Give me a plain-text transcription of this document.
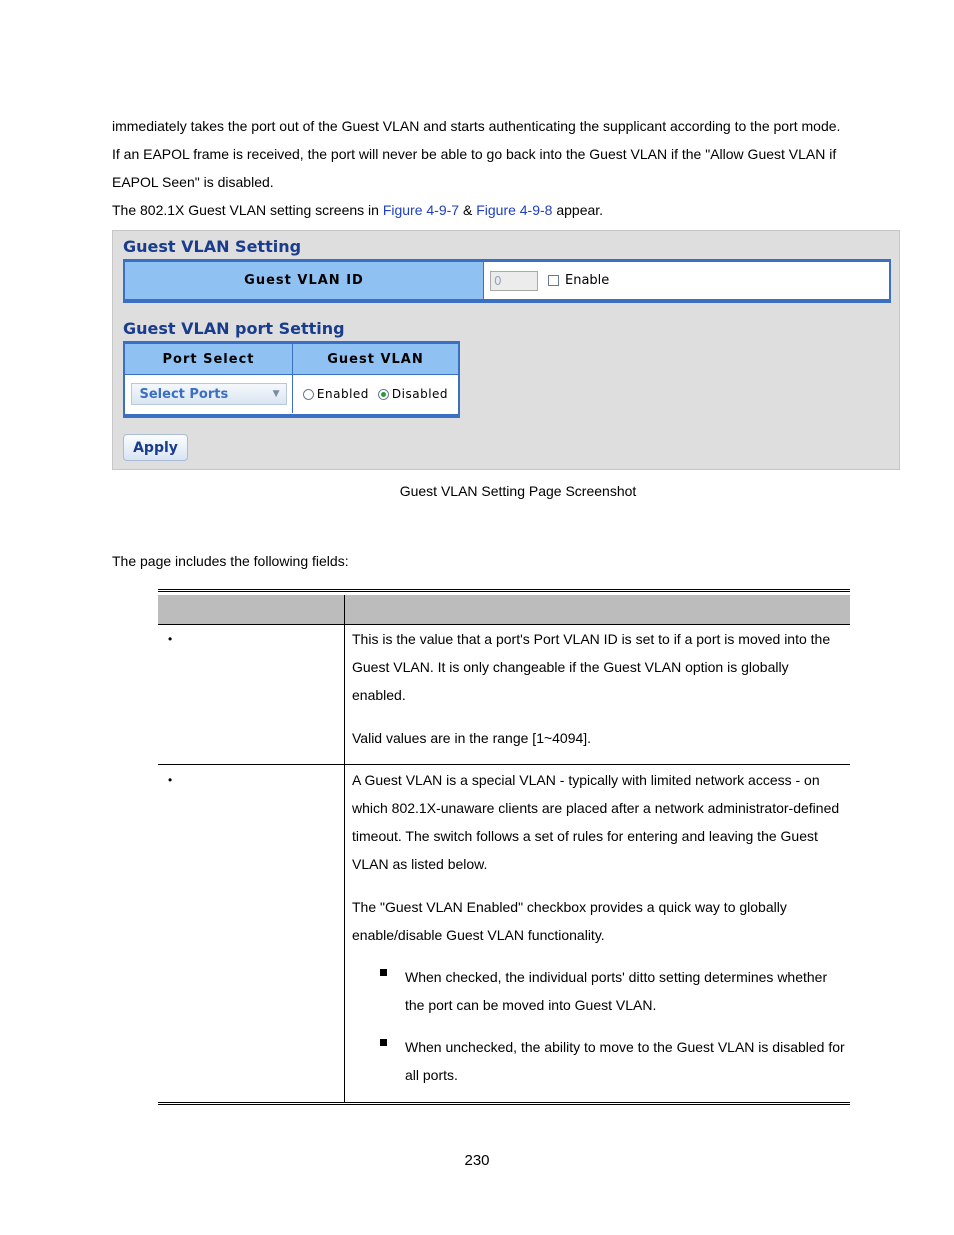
immediately takes the port out of the Guest VLAN and starts authenticating the supplicant according to the port mode.

If an EAPOL frame is received, the port will never be able to go back into the Guest VLAN if the "Allow Guest VLAN if EAPOL Seen" is disabled.

The 802.1X Guest VLAN setting screens in Figure 4-9-7 & Figure 4-9-8 appear.

Guest VLAN Setting
Guest VLAN ID
0	Enable
Guest VLAN port Setting
Port Select	Guest VLAN
Select Ports	▼	Enabled Disabled
Apply
Guest VLAN Setting Page Screenshot

The page includes the following fields:

•	This is the value that a port's Port VLAN ID is set to if a port is moved into the Guest VLAN. It is only changeable if the Guest VLAN option is globally enabled.

Valid values are in the range [1~4094].

•	A Guest VLAN is a special VLAN - typically with limited network access - on which 802.1X-unaware clients are placed after a network administrator-defined timeout. The switch follows a set of rules for entering and leaving the Guest VLAN as listed below.

The "Guest VLAN Enabled" checkbox provides a quick way to globally enable/disable Guest VLAN functionality.

When checked, the individual ports' ditto setting determines whether the port can be moved into Guest VLAN.

When unchecked, the ability to move to the Guest VLAN is disabled for all ports.

230
